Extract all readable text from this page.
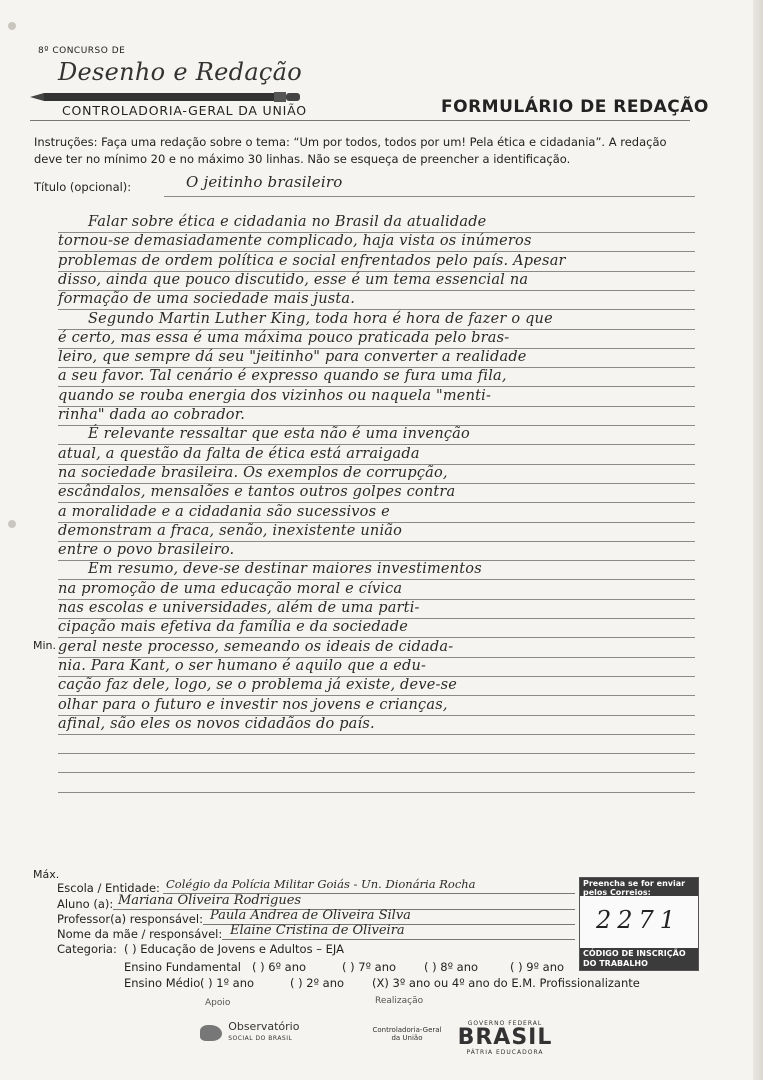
8º CONCURSO DE
Desenho e Redação
CONTROLADORIA-GERAL DA UNIÃO	FORMULÁRIO DE REDAÇÃO
Instruções: Faça uma redação sobre o tema: “Um por todos, todos por um! Pela ética e cidadania”. A redação deve ter no mínimo 20 e no máximo 30 linhas. Não se esqueça de preencher a identificação.
Título (opcional):	O jeitinho brasileiro
Falar sobre ética e cidadania no Brasil da atualidade
tornou-se demasiadamente complicado, haja vista os inúmeros
problemas de ordem política e social enfrentados pelo país. Apesar
disso, ainda que pouco discutido, esse é um tema essencial na
formação de uma sociedade mais justa.
Segundo Martin Luther King, toda hora é hora de fazer o que
é certo, mas essa é uma máxima pouco praticada pelo bras-
leiro, que sempre dá seu "jeitinho" para converter a realidade
a seu favor. Tal cenário é expresso quando se fura uma fila,
quando se rouba energia dos vizinhos ou naquela "menti-
rinha" dada ao cobrador.
É relevante ressaltar que esta não é uma invenção
atual, a questão da falta de ética está arraigada
na sociedade brasileira. Os exemplos de corrupção,
escândalos, mensalões e tantos outros golpes contra
a moralidade e a cidadania são sucessivos e
demonstram a fraca, senão, inexistente união
entre o povo brasileiro.
Em resumo, deve-se destinar maiores investimentos
na promoção de uma educação moral e cívica
nas escolas e universidades, além de uma parti-
cipação mais efetiva da família e da sociedade
geral neste processo, semeando os ideais de cidada-
nia. Para Kant, o ser humano é aquilo que a edu-
cação faz dele, logo, se o problema já existe, deve-se
olhar para o futuro e investir nos jovens e crianças,
afinal, são eles os novos cidadãos do país.
Min.
Máx.
Escola / Entidade: Colégio da Polícia Militar Goiás - Un. Dionária Rocha
Aluno (a): Mariana Oliveira Rodrigues
Professor(a) responsável: Paula Andrea de Oliveira Silva
Nome da mãe / responsável: Elaine Cristina de Oliveira
Categoria: ( ) Educação de Jovens e Adultos – EJA
Ensino Fundamental ( ) 6º ano	( ) 7º ano ( ) 8º ano	( ) 9º ano
Ensino Médio ( ) 1º ano	( ) 2º ano (X) 3º ano ou 4º ano do E.M. Profissionalizante
Preencha se for enviar pelos Correios:
2271
CÓDIGO DE INSCRIÇÃO DO TRABALHO
Apoio	Realização
Observatório
SOCIAL DO BRASIL
Controladoria-Geral da União
GOVERNO FEDERAL
BRASIL
PÁTRIA EDUCADORA
